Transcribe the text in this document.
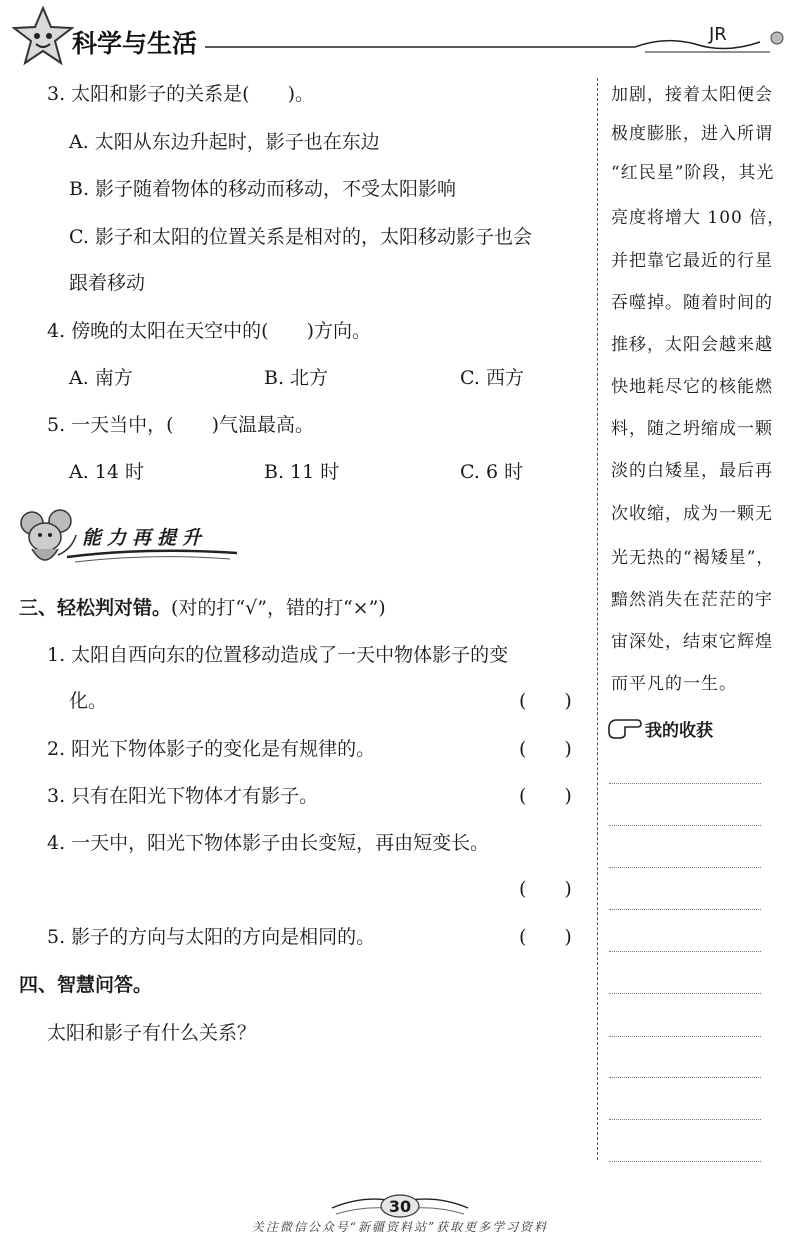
科学与生活	JR
3. 太阳和影子的关系是(　　)。
A. 太阳从东边升起时，影子也在东边
B. 影子随着物体的移动而移动，不受太阳影响
C. 影子和太阳的位置关系是相对的，太阳移动影子也会
跟着移动
4. 傍晚的太阳在天空中的(　　)方向。
A. 南方	B. 北方	C. 西方
5. 一天当中，(　　)气温最高。
A. 14 时	B. 11 时	C. 6 时
能力再提升
三、轻松判对错。(对的打“√”，错的打“×”)
1. 太阳自西向东的位置移动造成了一天中物体影子的变
化。	(　　)
2. 阳光下物体影子的变化是有规律的。	(　　)
3. 只有在阳光下物体才有影子。	(　　)
4. 一天中，阳光下物体影子由长变短，再由短变长。
(　　)
5. 影子的方向与太阳的方向是相同的。	(　　)
四、智慧问答。
太阳和影子有什么关系？
加剧，接着太阳便会
极度膨胀，进入所谓
“红民星”阶段，其光
亮度将增大 100 倍，
并把靠它最近的行星
吞噬掉。随着时间的
推移，太阳会越来越
快地耗尽它的核能燃
料，随之坍缩成一颗
淡的白矮星，最后再
次收缩，成为一颗无
光无热的“褐矮星”，
黯然消失在茫茫的宇
宙深处，结束它辉煌
而平凡的一生。
我的收获
30
关注微信公众号“新疆资料站”获取更多学习资料
